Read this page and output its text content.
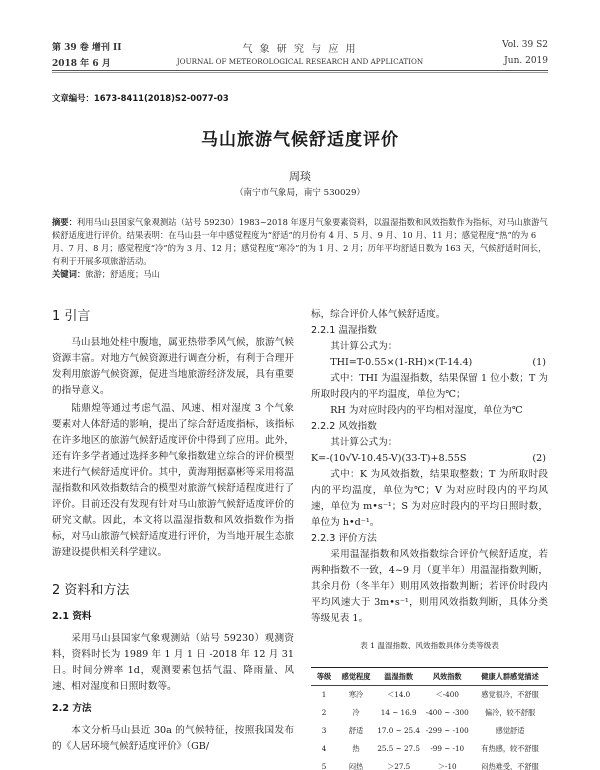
第 39 卷 增刊 II	气 象 研 究 与 应 用	Vol. 39 S2
2018 年 6 月	JOURNAL OF METEOROLOGICAL RESEARCH AND APPLICATION	Jun. 2019
文章编号：1673-8411(2018)S2-0077-03
马山旅游气候舒适度评价
周琰
（南宁市气象局，南宁 530029）
摘要：利用马山县国家气象观测站（站号 59230）1983~2018 年逐月气象要素资料，以温湿指数和风效指数作为指标，对马山旅游气候舒适度进行评价。结果表明：在马山县一年中感觉程度为“舒适”的月份有 4 月、5 月、9 月、10 月、11 月；感觉程度“热”的为 6 月、7 月、8 月；感觉程度“冷”的为 3 月、12 月；感觉程度“寒冷”的为 1 月、2 月；历年平均舒适日数为 163 天，气候舒适时间长，有利于开展多项旅游活动。
关键词：旅游；舒适度；马山

1 引言

马山县地处桂中腹地，属亚热带季风气候，旅游气候资源丰富。对地方气候资源进行调查分析，有利于合理开发利用旅游气候资源，促进当地旅游经济发展，具有重要的指导意义。

陆鼎煌等通过考虑气温、风速、相对湿度 3 个气象要素对人体舒适的影响，提出了综合舒适度指标，该指标在许多地区的旅游气候舒适度评价中得到了应用。此外，还有许多学者通过选择多种气象指数建立综合的评价模型来进行气候舒适度评价。其中，黄海翔据嘉彬等采用将温湿指数和风效指数结合的模型对旅游气候舒适程度进行了评价。目前还没有发现有针对马山旅游气候舒适度评价的研究文献。因此，本文将以温湿指数和风效指数作为指标，对马山旅游气候舒适度进行评价，为当地开展生态旅游建设提供相关科学建议。

2 资料和方法

2.1 资料

采用马山县国家气象观测站（站号 59230）观测资料，资料时长为 1989 年 1 月 1 日 -2018 年 12 月 31 日。时间分辨率 1d，观测要素包括气温、降雨量、风速、相对湿度和日照时数等。

2.2 方法

本文分析马山县近 30a 的气候特征，按照我国发布的《人居环境气候舒适度评价》（GB/

标，综合评价人体气候舒适度。

2.2.1 温湿指数

其计算公式为：

THI=T-0.55×(1-RH)×(T-14.4)	(1)

式中：THI 为温湿指数，结果保留 1 位小数；T 为所取时段内的平均温度，单位为℃；

RH 为对应时段内的平均相对湿度，单位为℃

2.2.2 风效指数

其计算公式为：

K=-(10√V-10.45-V)(33-T)+8.55S	(2)

式中：K 为风效指数，结果取整数；T 为所取时段内的平均温度，单位为℃；V 为对应时段内的平均风速，单位为 m•s⁻¹；S 为对应时段内的平均日照时数，单位为 h•d⁻¹。

2.2.3 评价方法

采用温湿指数和风效指数综合评价气候舒适度，若两种指数不一致，4~9 月（夏半年）用温湿指数判断，其余月份（冬半年）则用风效指数判断；若评价时段内平均风速大于 3m•s⁻¹，则用风效指数判断，具体分类等级见表 1。

表 1 温湿指数、风效指数具体分类等级表
等级	感觉程度	温湿指数	风效指数	健康人群感觉描述
1	寒冷	＜14.0	＜-400	感觉很冷，不舒服
2	冷	14 ~ 16.9	-400 ~ -300	偏冷，较不舒服
3	舒适	17.0 ~ 25.4	-299 ~ -100	感觉舒适
4	热	25.5 ~ 27.5	-99 ~ -10	有热感，较不舒服
5	闷热	＞27.5	＞-10	闷热难受，不舒服
